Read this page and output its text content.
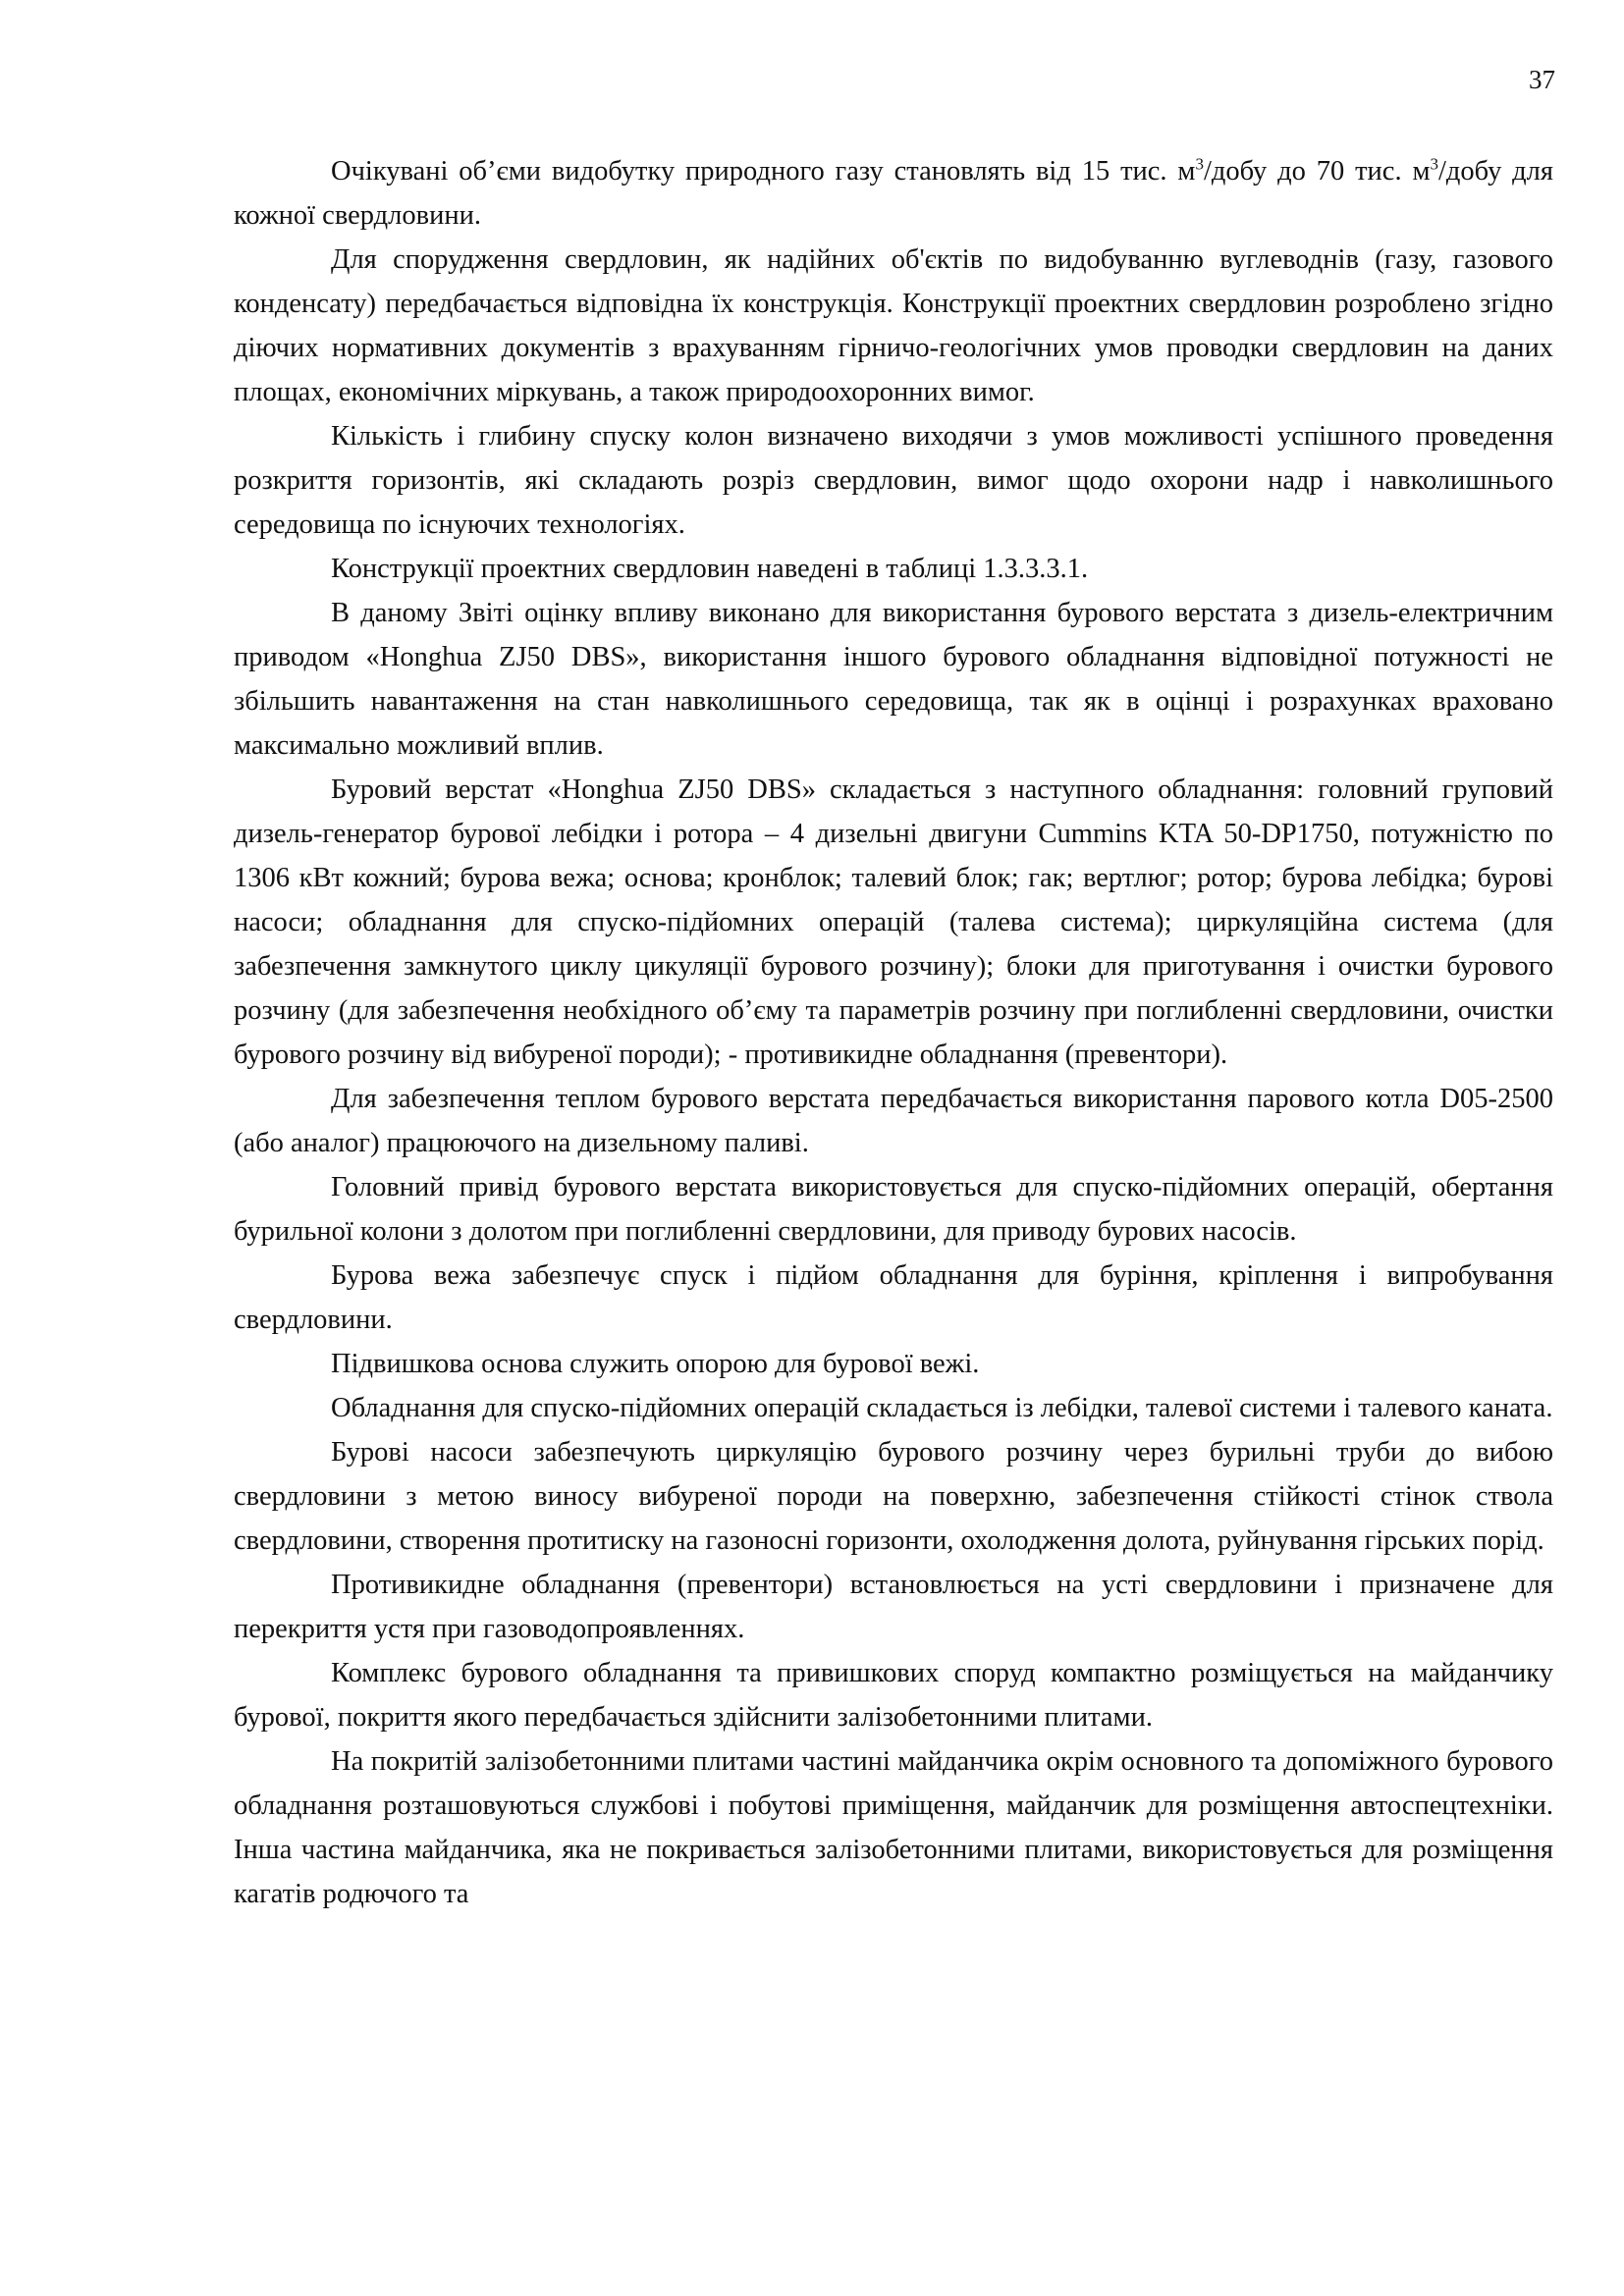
37

Очікувані об’єми видобутку природного газу становлять від 15 тис. $м^3$/добу до 70 тис. $м^3$/добу для кожної свердловини.

Для спорудження свердловин, як надійних об'єктів по видобуванню вуглеводнів (газу, газового конденсату) передбачається відповідна їх конструкція. Конструкції проектних свердловин розроблено згідно діючих нормативних документів з врахуванням гірничо-геологічних умов проводки свердловин на даних площах, економічних міркувань, а також природоохоронних вимог.

Кількість і глибину спуску колон визначено виходячи з умов можливості успішного проведення розкриття горизонтів, які складають розріз свердловин, вимог щодо охорони надр і навколишнього середовища по існуючих технологіях.

Конструкції проектних свердловин наведені в таблиці 1.3.3.3.1.

В даному Звіті оцінку впливу виконано для використання бурового верстата з дизель-електричним приводом «Honghua ZJ50 DBS», використання іншого бурового обладнання відповідної потужності не збільшить навантаження на стан навколишнього середовища, так як в оцінці і розрахунках враховано максимально можливий вплив.

Буровий верстат «Honghua ZJ50 DBS» складається з наступного обладнання: головний груповий дизель-генератор бурової лебідки і ротора – 4 дизельні двигуни Cummins KTA 50-DP1750, потужністю по 1306 кВт кожний; бурова вежа; основа; кронблок; талевий блок; гак; вертлюг; ротор; бурова лебідка; бурові насоси; обладнання для спуско-підйомних операцій (талева система); циркуляційна система (для забезпечення замкнутого циклу цикуляції бурового розчину); блоки для приготування і очистки бурового розчину (для забезпечення необхідного об’єму та параметрів розчину при поглибленні свердловини, очистки бурового розчину від вибуреної породи); - противикидне обладнання (превентори).

Для забезпечення теплом бурового верстата передбачається використання парового котла D05-2500 (або аналог) працюючого на дизельному паливі.

Головний привід бурового верстата використовується для спуско-підйомних операцій, обертання бурильної колони з долотом при поглибленні свердловини, для приводу бурових насосів.

Бурова вежа забезпечує спуск і підйом обладнання для буріння, кріплення і випробування свердловини.

Підвишкова основа служить опорою для бурової вежі.

Обладнання для спуско-підйомних операцій складається із лебідки, талевої системи і талевого каната.

Бурові насоси забезпечують циркуляцію бурового розчину через бурильні труби до вибою свердловини з метою виносу вибуреної породи на поверхню, забезпечення стійкості стінок ствола свердловини, створення протитиску на газоносні горизонти, охолодження долота, руйнування гірських порід.

Противикидне обладнання (превентори) встановлюється на усті свердловини і призначене для перекриття устя при газоводопроявленнях.

Комплекс бурового обладнання та привишкових споруд компактно розміщується на майданчику бурової, покриття якого передбачається здійснити залізобетонними плитами.

На покритій залізобетонними плитами частині майданчика окрім основного та допоміжного бурового обладнання розташовуються службові і побутові приміщення, майданчик для розміщення автоспецтехніки. Інша частина майданчика, яка не покривається залізобетонними плитами, використовується для розміщення кагатів родючого та
